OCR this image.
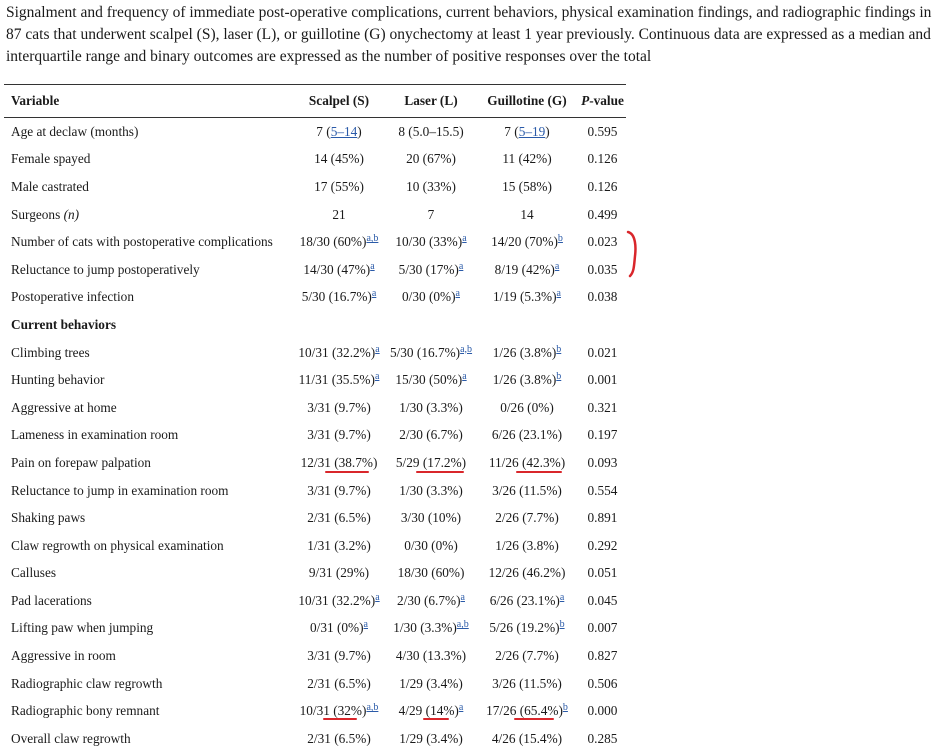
Signalment and frequency of immediate post-operative complications, current behaviors, physical examination findings, and radiographic findings in 87 cats that underwent scalpel (S), laser (L), or guillotine (G) onychectomy at least 1 year previously. Continuous data are expressed as a median and interquartile range and binary outcomes are expressed as the number of positive responses over the total
Variable	Scalpel (S)	Laser (L)	Guillotine (G)	P-value
Age at declaw (months)	7 (5–14)	8 (5.0–15.5)	7 (5–19)	0.595
Female spayed	14 (45%)	20 (67%)	11 (42%)	0.126
Male castrated	17 (55%)	10 (33%)	15 (58%)	0.126
Surgeons (n)	21	7	14	0.499
Number of cats with postoperative complications	18/30 (60%)$^{a,b}$	10/30 (33%)$^a$	14/20 (70%)$^b$	0.023
Reluctance to jump postoperatively	14/30 (47%)$^a$	5/30 (17%)$^a$	8/19 (42%)$^a$	0.035
Postoperative infection	5/30 (16.7%)$^a$	0/30 (0%)$^a$	1/19 (5.3%)$^a$	0.038
Current behaviors				
Climbing trees	10/31 (32.2%)$^a$	5/30 (16.7%)$^{a,b}$	1/26 (3.8%)$^b$	0.021
Hunting behavior	11/31 (35.5%)$^a$	15/30 (50%)$^a$	1/26 (3.8%)$^b$	0.001
Aggressive at home	3/31 (9.7%)	1/30 (3.3%)	0/26 (0%)	0.321
Lameness in examination room	3/31 (9.7%)	2/30 (6.7%)	6/26 (23.1%)	0.197
Pain on forepaw palpation	12/31 (38.7%)	5/29 (17.2%)	11/26 (42.3%)	0.093
Reluctance to jump in examination room	3/31 (9.7%)	1/30 (3.3%)	3/26 (11.5%)	0.554
Shaking paws	2/31 (6.5%)	3/30 (10%)	2/26 (7.7%)	0.891
Claw regrowth on physical examination	1/31 (3.2%)	0/30 (0%)	1/26 (3.8%)	0.292
Calluses	9/31 (29%)	18/30 (60%)	12/26 (46.2%)	0.051
Pad lacerations	10/31 (32.2%)$^a$	2/30 (6.7%)$^a$	6/26 (23.1%)$^a$	0.045
Lifting paw when jumping	0/31 (0%)$^a$	1/30 (3.3%)$^{a,b}$	5/26 (19.2%)$^b$	0.007
Aggressive in room	3/31 (9.7%)	4/30 (13.3%)	2/26 (7.7%)	0.827
Radiographic claw regrowth	2/31 (6.5%)	1/29 (3.4%)	3/26 (11.5%)	0.506
Radiographic bony remnant	10/31 (32%)$^{a,b}$	4/29 (14%)$^a$	17/26 (65.4%)$^b$	0.000
Overall claw regrowth	2/31 (6.5%)	1/29 (3.4%)	4/26 (15.4%)	0.285
